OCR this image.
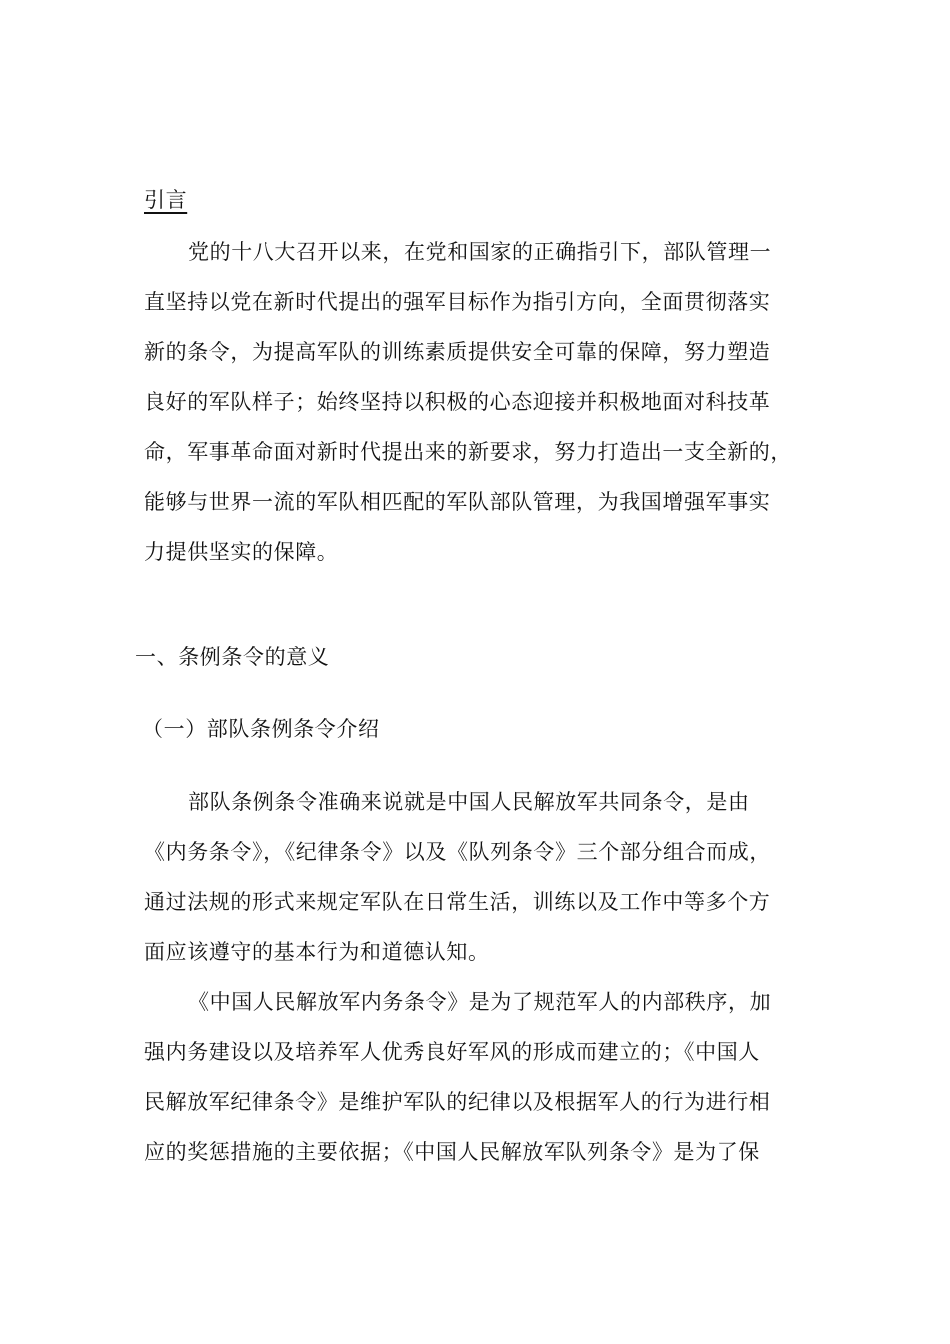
引言
党的十八大召开以来，在党和国家的正确指引下，部队管理一
直坚持以党在新时代提出的强军目标作为指引方向，全面贯彻落实
新的条令，为提高军队的训练素质提供安全可靠的保障，努力塑造
良好的军队样子；始终坚持以积极的心态迎接并积极地面对科技革
命，军事革命面对新时代提出来的新要求，努力打造出一支全新的，
能够与世界一流的军队相匹配的军队部队管理，为我国增强军事实
力提供坚实的保障。
一、条例条令的意义
（一）部队条例条令介绍
部队条例条令准确来说就是中国人民解放军共同条令，是由
《内务条令》，《纪律条令》以及《队列条令》三个部分组合而成，
通过法规的形式来规定军队在日常生活，训练以及工作中等多个方
面应该遵守的基本行为和道德认知。
《中国人民解放军内务条令》是为了规范军人的内部秩序，加
强内务建设以及培养军人优秀良好军风的形成而建立的；《中国人
民解放军纪律条令》是维护军队的纪律以及根据军人的行为进行相
应的奖惩措施的主要依据；《中国人民解放军队列条令》是为了保
